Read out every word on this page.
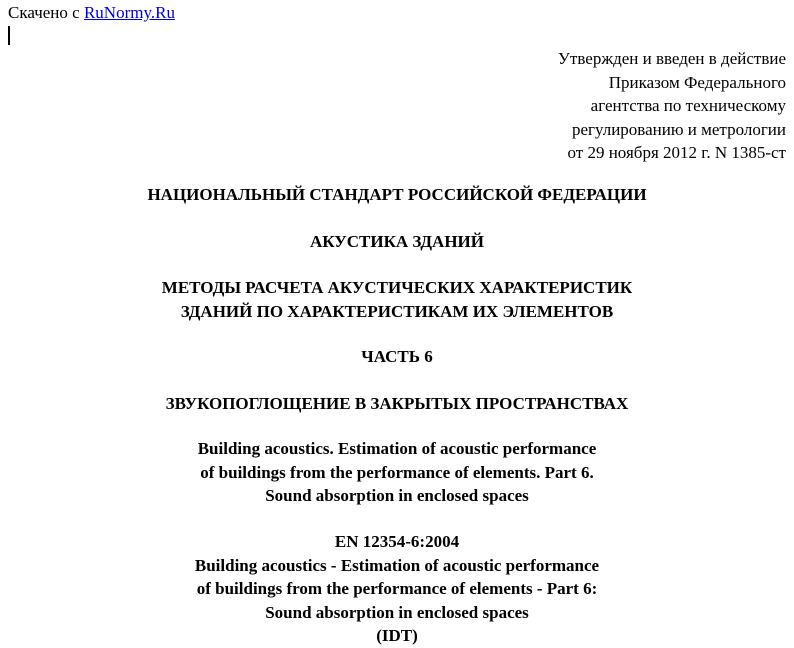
Скачено с RuNormy.Ru
Утвержден и введен в действие
Приказом Федерального
агентства по техническому
регулированию и метрологии
от 29 ноября 2012 г. N 1385-ст
НАЦИОНАЛЬНЫЙ СТАНДАРТ РОССИЙСКОЙ ФЕДЕРАЦИИ
АКУСТИКА ЗДАНИЙ
МЕТОДЫ РАСЧЕТА АКУСТИЧЕСКИХ ХАРАКТЕРИСТИК
ЗДАНИЙ ПО ХАРАКТЕРИСТИКАМ ИХ ЭЛЕМЕНТОВ
ЧАСТЬ 6
ЗВУКОПОГЛОЩЕНИЕ В ЗАКРЫТЫХ ПРОСТРАНСТВАХ
Building acoustics. Estimation of acoustic performance
of buildings from the performance of elements. Part 6.
Sound absorption in enclosed spaces
EN 12354-6:2004
Building acoustics - Estimation of acoustic performance
of buildings from the performance of elements - Part 6:
Sound absorption in enclosed spaces
(IDT)
